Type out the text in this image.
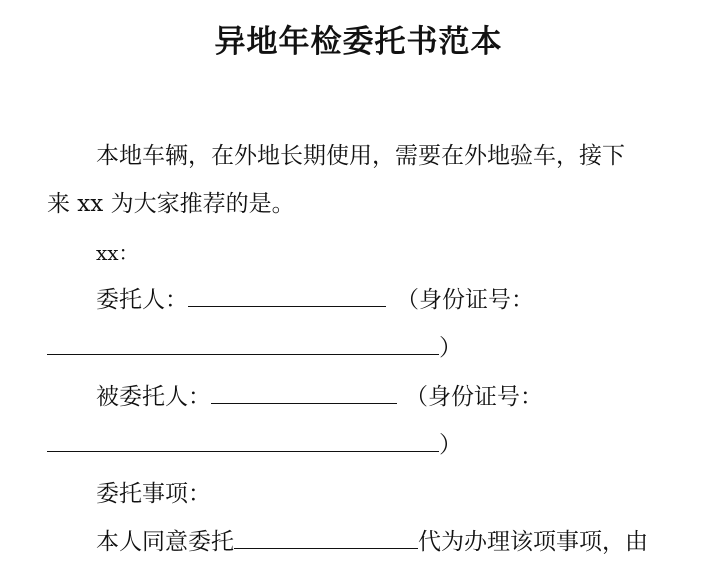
异地年检委托书范本
本地车辆，在外地长期使用，需要在外地验车，接下
来 xx 为大家推荐的是。
xx：
委托人：	（身份证号：
）
被委托人：	（身份证号：
）
委托事项：
本人同意委托	代为办理该项事项，由
